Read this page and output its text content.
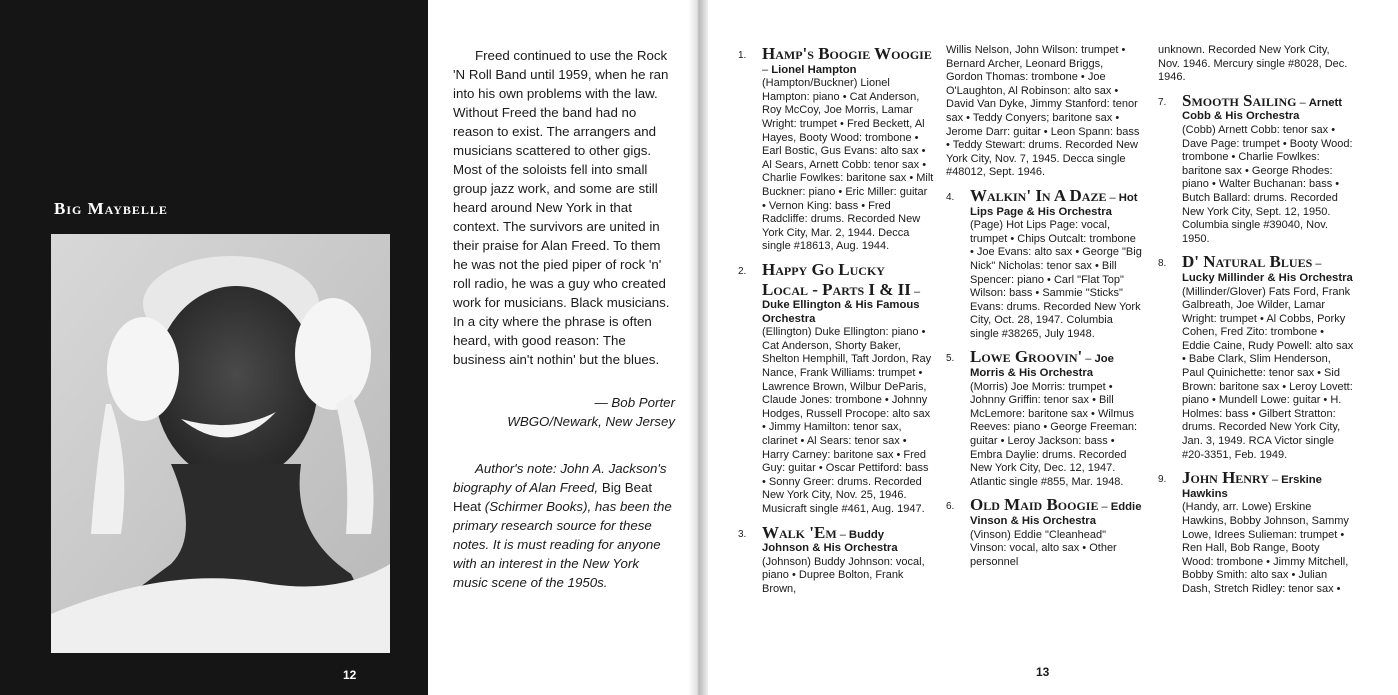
Big Maybelle
12

Freed continued to use the Rock 'N Roll Band until 1959, when he ran into his own problems with the law. Without Freed the band had no reason to exist. The arrangers and musicians scattered to other gigs. Most of the soloists fell into small group jazz work, and some are still heard around New York in that context. The survivors are united in their praise for Alan Freed. To them he was not the pied piper of rock 'n' roll radio, he was a guy who created work for musicians. Black musicians. In a city where the phrase is often heard, with good reason: The business ain't nothin' but the blues.

— Bob Porter
WBGO/Newark, New Jersey

Author's note: John A. Jackson's biography of Alan Freed, Big Beat Heat (Schirmer Books), has been the primary research source for these notes. It is must reading for anyone with an interest in the New York music scene of the 1950s.

1. Hamp's Boogie Woogie – Lionel Hampton
(Hampton/Buckner) Lionel Hampton: piano • Cat Anderson, Roy McCoy, Joe Morris, Lamar Wright: trumpet • Fred Beckett, Al Hayes, Booty Wood: trombone • Earl Bostic, Gus Evans: alto sax • Al Sears, Arnett Cobb: tenor sax • Charlie Fowlkes: baritone sax • Milt Buckner: piano • Eric Miller: guitar • Vernon King: bass • Fred Radcliffe: drums. Recorded New York City, Mar. 2, 1944. Decca single #18613, Aug. 1944.
2. Happy Go Lucky Local - Parts I & II – Duke Ellington & His Famous Orchestra
(Ellington) Duke Ellington: piano • Cat Anderson, Shorty Baker, Shelton Hemphill, Taft Jordon, Ray Nance, Frank Williams: trumpet • Lawrence Brown, Wilbur DeParis, Claude Jones: trombone • Johnny Hodges, Russell Procope: alto sax • Jimmy Hamilton: tenor sax, clarinet • Al Sears: tenor sax • Harry Carney: baritone sax • Fred Guy: guitar • Oscar Pettiford: bass • Sonny Greer: drums. Recorded New York City, Nov. 25, 1946. Musicraft single #461, Aug. 1947.
3. Walk 'Em – Buddy Johnson & His Orchestra
(Johnson) Buddy Johnson: vocal, piano • Dupree Bolton, Frank Brown,
Willis Nelson, John Wilson: trumpet • Bernard Archer, Leonard Briggs, Gordon Thomas: trombone • Joe O'Laughton, Al Robinson: alto sax • David Van Dyke, Jimmy Stanford: tenor sax • Teddy Conyers; baritone sax • Jerome Darr: guitar • Leon Spann: bass • Teddy Stewart: drums. Recorded New York City, Nov. 7, 1945. Decca single #48012, Sept. 1946.
4. Walkin' In A Daze – Hot Lips Page & His Orchestra
(Page) Hot Lips Page: vocal, trumpet • Chips Outcalt: trombone • Joe Evans: alto sax • George "Big Nick" Nicholas: tenor sax • Bill Spencer: piano • Carl "Flat Top" Wilson: bass • Sammie "Sticks" Evans: drums. Recorded New York City, Oct. 28, 1947. Columbia single #38265, July 1948.
5. Lowe Groovin' – Joe Morris & His Orchestra
(Morris) Joe Morris: trumpet • Johnny Griffin: tenor sax • Bill McLemore: baritone sax • Wilmus Reeves: piano • George Freeman: guitar • Leroy Jackson: bass • Embra Daylie: drums. Recorded New York City, Dec. 12, 1947. Atlantic single #855, Mar. 1948.
6. Old Maid Boogie – Eddie Vinson & His Orchestra
(Vinson) Eddie "Cleanhead" Vinson: vocal, alto sax • Other personnel
unknown. Recorded New York City, Nov. 1946. Mercury single #8028, Dec. 1946.
7. Smooth Sailing – Arnett Cobb & His Orchestra
(Cobb) Arnett Cobb: tenor sax • Dave Page: trumpet • Booty Wood: trombone • Charlie Fowlkes: baritone sax • George Rhodes: piano • Walter Buchanan: bass • Butch Ballard: drums. Recorded New York City, Sept. 12, 1950. Columbia single #39040, Nov. 1950.
8. D' Natural Blues – Lucky Millinder & His Orchestra
(Millinder/Glover) Fats Ford, Frank Galbreath, Joe Wilder, Lamar Wright: trumpet • Al Cobbs, Porky Cohen, Fred Zito: trombone • Eddie Caine, Rudy Powell: alto sax • Babe Clark, Slim Henderson, Paul Quinichette: tenor sax • Sid Brown: baritone sax • Leroy Lovett: piano • Mundell Lowe: guitar • H. Holmes: bass • Gilbert Stratton: drums. Recorded New York City, Jan. 3, 1949. RCA Victor single #20-3351, Feb. 1949.
9. John Henry – Erskine Hawkins
(Handy, arr. Lowe) Erskine Hawkins, Bobby Johnson, Sammy Lowe, Idrees Sulieman: trumpet • Ren Hall, Bob Range, Booty Wood: trombone • Jimmy Mitchell, Bobby Smith: alto sax • Julian Dash, Stretch Ridley: tenor sax •
13
